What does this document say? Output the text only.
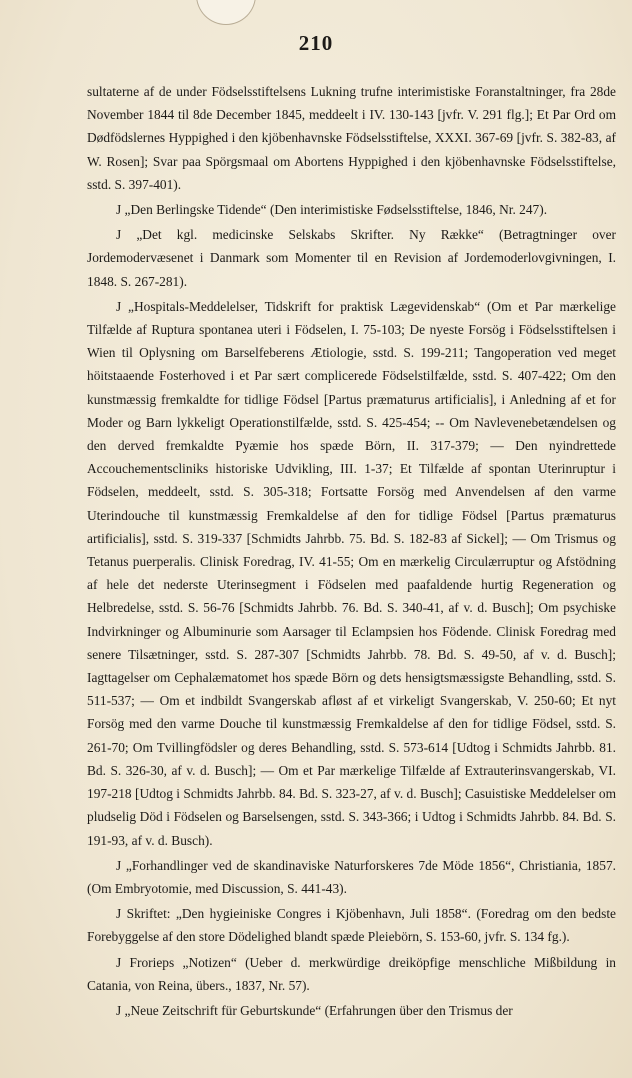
210

sultaterne af de under Födselsstiftelsens Lukning trufne interimistiske Foranstaltninger, fra 28de November 1844 til 8de December 1845, meddeelt i IV. 130-143 [jvfr. V. 291 flg.]; Et Par Ord om Dødfödslernes Hyppighed i den kjöbenhavnske Födselsstiftelse, XXXI. 367-69 [jvfr. S. 382-83, af W. Rosen]; Svar paa Spörgsmaal om Abortens Hyppighed i den kjöbenhavnske Födselsstiftelse, sstd. S. 397-401).

J „Den Berlingske Tidende“ (Den interimistiske Fødselsstiftelse, 1846, Nr. 247).

J „Det kgl. medicinske Selskabs Skrifter. Ny Række“ (Betragtninger over Jordemodervæsenet i Danmark som Momenter til en Revision af Jordemoderlovgivningen, I. 1848. S. 267-281).

J „Hospitals-Meddelelser, Tidskrift for praktisk Lægevidenskab“ (Om et Par mærkelige Tilfælde af Ruptura spontanea uteri i Födselen, I. 75-103; De nyeste Forsög i Födselsstiftelsen i Wien til Oplysning om Barselfeberens Ætiologie, sstd. S. 199-211; Tangoperation ved meget höitstaaende Fosterhoved i et Par sært complicerede Födselstilfælde, sstd. S. 407-422; Om den kunstmæssig fremkaldte for tidlige Födsel [Partus præmaturus artificialis], i Anledning af et for Moder og Barn lykkeligt Operationstilfælde, sstd. S. 425-454; -- Om Navlevenebetændelsen og den derved fremkaldte Pyæmie hos spæde Börn, II. 317-379; — Den nyindrettede Accouchementscliniks historiske Udvikling, III. 1-37; Et Tilfælde af spontan Uterinruptur i Födselen, meddeelt, sstd. S. 305-318; Fortsatte Forsög med Anvendelsen af den varme Uterindouche til kunstmæssig Fremkaldelse af den for tidlige Födsel [Partus præmaturus artificialis], sstd. S. 319-337 [Schmidts Jahrbb. 75. Bd. S. 182-83 af Sickel]; — Om Trismus og Tetanus puerperalis. Clinisk Foredrag, IV. 41-55; Om en mærkelig Circulærruptur og Afstödning af hele det nederste Uterinsegment i Födselen med paafaldende hurtig Regeneration og Helbredelse, sstd. S. 56-76 [Schmidts Jahrbb. 76. Bd. S. 340-41, af v. d. Busch]; Om psychiske Indvirkninger og Albuminurie som Aarsager til Eclampsien hos Födende. Clinisk Foredrag med senere Tilsætninger, sstd. S. 287-307 [Schmidts Jahrbb. 78. Bd. S. 49-50, af v. d. Busch]; Iagttagelser om Cephalæmatomet hos spæde Börn og dets hensigtsmæssigste Behandling, sstd. S. 511-537; — Om et indbildt Svangerskab afløst af et virkeligt Svangerskab, V. 250-60; Et nyt Forsög med den varme Douche til kunstmæssig Fremkaldelse af den for tidlige Födsel, sstd. S. 261-70; Om Tvillingfödsler og deres Behandling, sstd. S. 573-614 [Udtog i Schmidts Jahrbb. 81. Bd. S. 326-30, af v. d. Busch]; — Om et Par mærkelige Tilfælde af Extrauterinsvangerskab, VI. 197-218 [Udtog i Schmidts Jahrbb. 84. Bd. S. 323-27, af v. d. Busch]; Casuistiske Meddelelser om pludselig Död i Födselen og Barselsengen, sstd. S. 343-366; i Udtog i Schmidts Jahrbb. 84. Bd. S. 191-93, af v. d. Busch).

J „Forhandlinger ved de skandinaviske Naturforskeres 7de Möde 1856“, Christiania, 1857. (Om Embryotomie, med Discussion, S. 441-43).

J Skriftet: „Den hygieiniske Congres i Kjöbenhavn, Juli 1858“. (Foredrag om den bedste Forebyggelse af den store Dödelighed blandt spæde Pleiebörn, S. 153-60, jvfr. S. 134 fg.).

J Frorieps „Notizen“ (Ueber d. merkwürdige dreiköpfige menschliche Mißbildung in Catania, von Reina, übers., 1837, Nr. 57).

J „Neue Zeitschrift für Geburtskunde“ (Erfahrungen über den Trismus der
